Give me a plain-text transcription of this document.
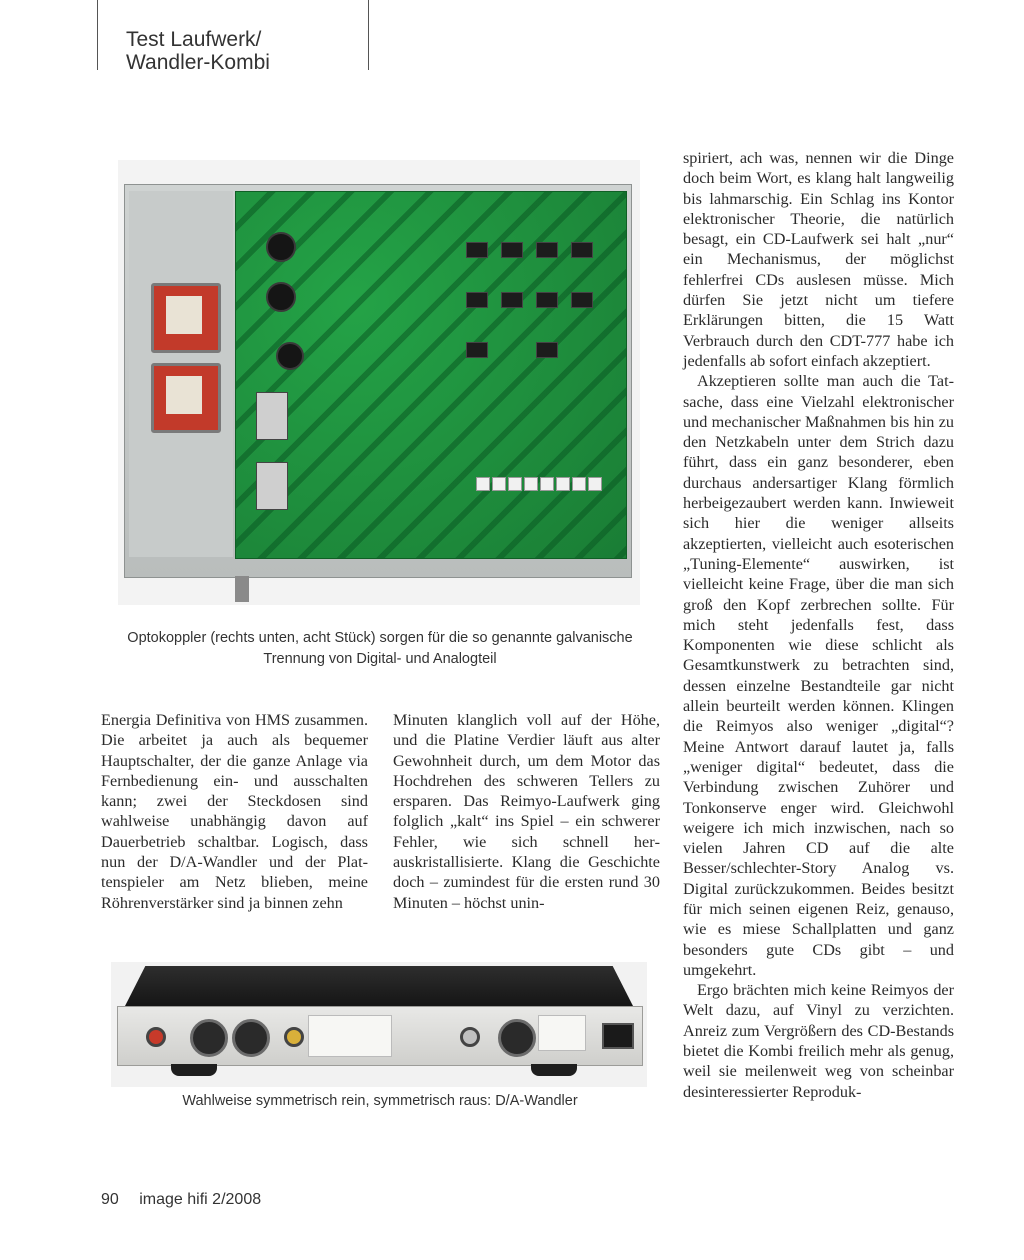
Test Laufwerk/
Wandler-Kombi
Optokoppler (rechts unten, acht Stück) sorgen für die so genannte galvanische
Trennung von Digital- und Analogteil

Energia Definitiva von HMS zusammen. Die arbeitet ja auch als bequemer Hauptschalter, der die ganze Anlage via Fernbedienung ein- und ausschalten kann; zwei der Steckdosen sind wahlweise unabhängig davon auf Dauerbetrieb schaltbar. Logisch, dass nun der D/A-Wandler und der Plattenspieler am Netz blieben, meine Röhrenverstärker sind ja binnen zehn

Minuten klanglich voll auf der Höhe, und die Platine Verdier läuft aus alter Gewohnheit durch, um dem Motor das Hochdrehen des schweren Tellers zu ersparen. Das Reimyo-Laufwerk ging folglich „kalt“ ins Spiel – ein schwerer Fehler, wie sich schnell herauskristallisierte. Klang die Geschichte doch – zumindest für die ersten rund 30 Minuten – höchst unin-

spiriert, ach was, nennen wir die Dinge doch beim Wort, es klang halt langweilig bis lahmarschig. Ein Schlag ins Kontor elektronischer Theorie, die natürlich besagt, ein CD-Laufwerk sei halt „nur“ ein Mechanismus, der möglichst fehlerfrei CDs auslesen müsse. Mich dürfen Sie jetzt nicht um tiefere Erklärungen bitten, die 15 Watt Verbrauch durch den CDT-777 habe ich jedenfalls ab sofort einfach akzeptiert.

Akzeptieren sollte man auch die Tatsache, dass eine Vielzahl elektronischer und mechanischer Maßnahmen bis hin zu den Netzkabeln unter dem Strich dazu führt, dass ein ganz besonderer, eben durchaus andersartiger Klang förmlich herbeigezaubert werden kann. Inwieweit sich hier die weniger allseits akzeptierten, vielleicht auch esoterischen „Tuning-Elemente“ auswirken, ist vielleicht keine Frage, über die man sich groß den Kopf zerbrechen sollte. Für mich steht jedenfalls fest, dass Komponenten wie diese schlicht als Gesamtkunstwerk zu betrachten sind, dessen einzelne Bestandteile gar nicht allein beurteilt werden können. Klingen die Reimyos also weniger „digital“? Meine Antwort darauf lautet ja, falls „weniger digital“ bedeutet, dass die Verbindung zwischen Zuhörer und Tonkonserve enger wird. Gleichwohl weigere ich mich inzwischen, nach so vielen Jahren CD auf die alte Besser/schlechter-Story Analog vs. Digital zurückzukommen. Beides besitzt für mich seinen eigenen Reiz, genauso, wie es miese Schallplatten und ganz besonders gute CDs gibt – und umgekehrt.

Ergo brächten mich keine Reimyos der Welt dazu, auf Vinyl zu verzichten. Anreiz zum Vergrößern des CD-Bestands bietet die Kombi freilich mehr als genug, weil sie meilenweit weg von scheinbar desinteressierter Reproduk-

Wahlweise symmetrisch rein, symmetrisch raus: D/A-Wandler
90 image hifi 2/2008
